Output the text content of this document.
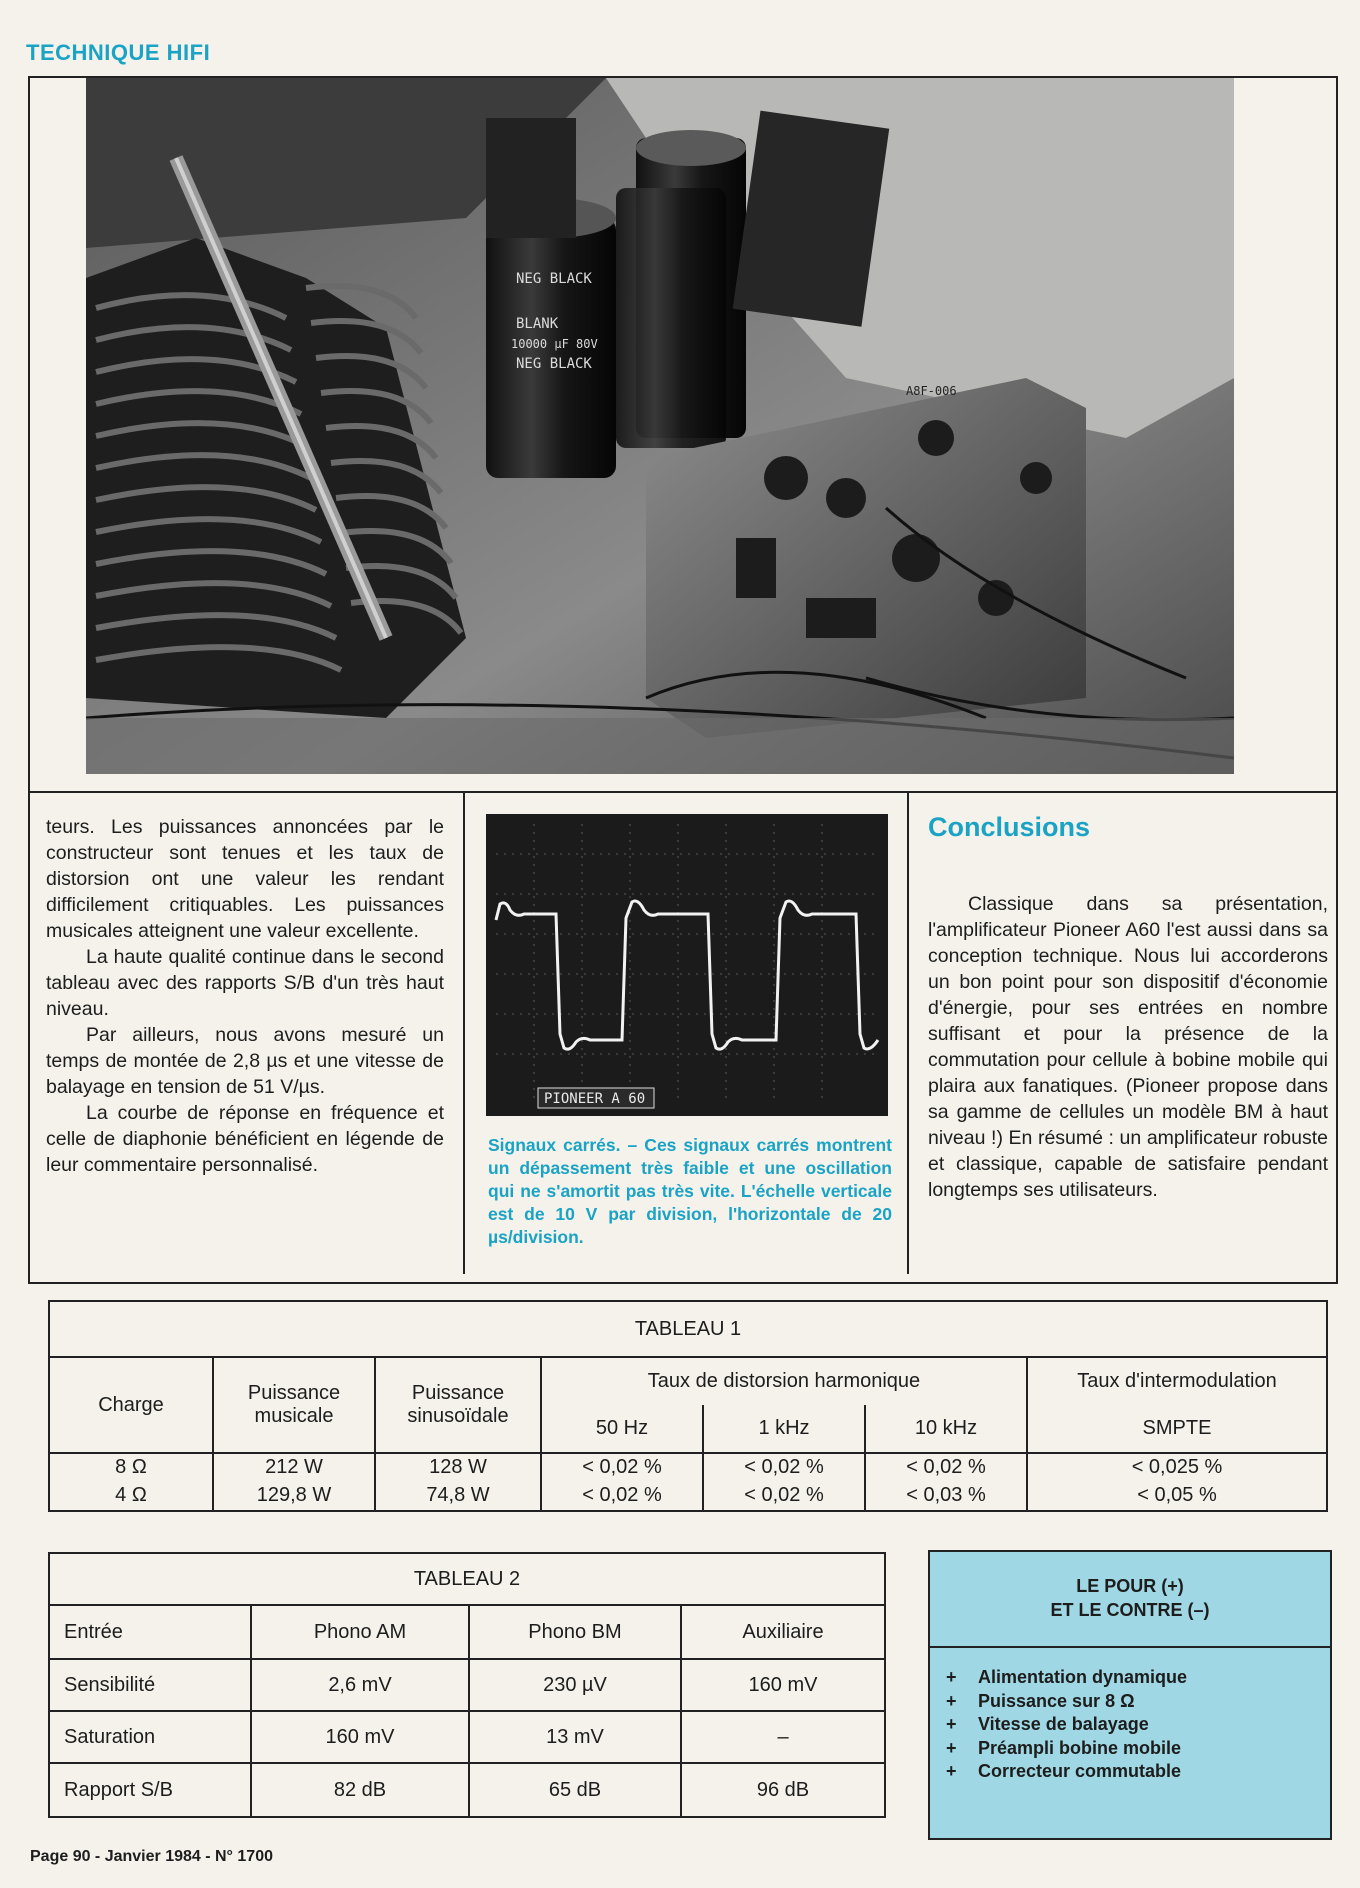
TECHNIQUE HIFI
NEG BLACK
BLANK
10000 µF 80V
NEG BLACK
A8F-006

teurs. Les puissances annoncées par le constructeur sont tenues et les taux de distorsion ont une valeur les rendant difficilement critiquables. Les puissances musicales atteignent une valeur excellente.

La haute qualité continue dans le second tableau avec des rapports S/B d'un très haut niveau.

Par ailleurs, nous avons mesuré un temps de montée de 2,8 µs et une vitesse de balayage en tension de 51 V/µs.

La courbe de réponse en fréquence et celle de diaphonie bénéficient en légende de leur commentaire personnalisé.

PIONEER A 60
Signaux carrés. – Ces signaux carrés montrent un dépassement très faible et une oscillation qui ne s'amortit pas très vite. L'échelle verticale est de 10 V par division, l'horizontale de 20 µs/division.
Conclusions

Classique dans sa présentation, l'amplificateur Pioneer A60 l'est aussi dans sa conception technique. Nous lui accorderons un bon point pour son dispositif d'économie d'énergie, pour ses entrées en nombre suffisant et pour la présence de la commutation pour cellule à bobine mobile qui plaira aux fanatiques. (Pioneer propose dans sa gamme de cellules un modèle BM à haut niveau !) En résumé : un amplificateur robuste et classique, capable de satisfaire pendant longtemps ses utilisateurs.

TABLEAU 1						
Charge	Puissance musicale	Puissance sinusoïdale	Taux de distorsion harmonique			Taux d'intermodulation
			50 Hz	1 kHz	10 kHz	SMPTE
8 Ω	212 W	128 W	< 0,02 %	< 0,02 %	< 0,02 %	< 0,025 %
4 Ω	129,8 W	74,8 W	< 0,02 %	< 0,02 %	< 0,03 %	< 0,05 %
TABLEAU 2			
Entrée	Phono AM	Phono BM	Auxiliaire
Sensibilité	2,6 mV	230 µV	160 mV
Saturation	160 mV	13 mV	–
Rapport S/B	82 dB	65 dB	96 dB
LE POUR (+)
ET LE CONTRE (–)
+ Alimentation dynamique
+ Puissance sur 8 Ω
+ Vitesse de balayage
+ Préampli bobine mobile
+ Correcteur commutable
Page 90 - Janvier 1984 - N° 1700
